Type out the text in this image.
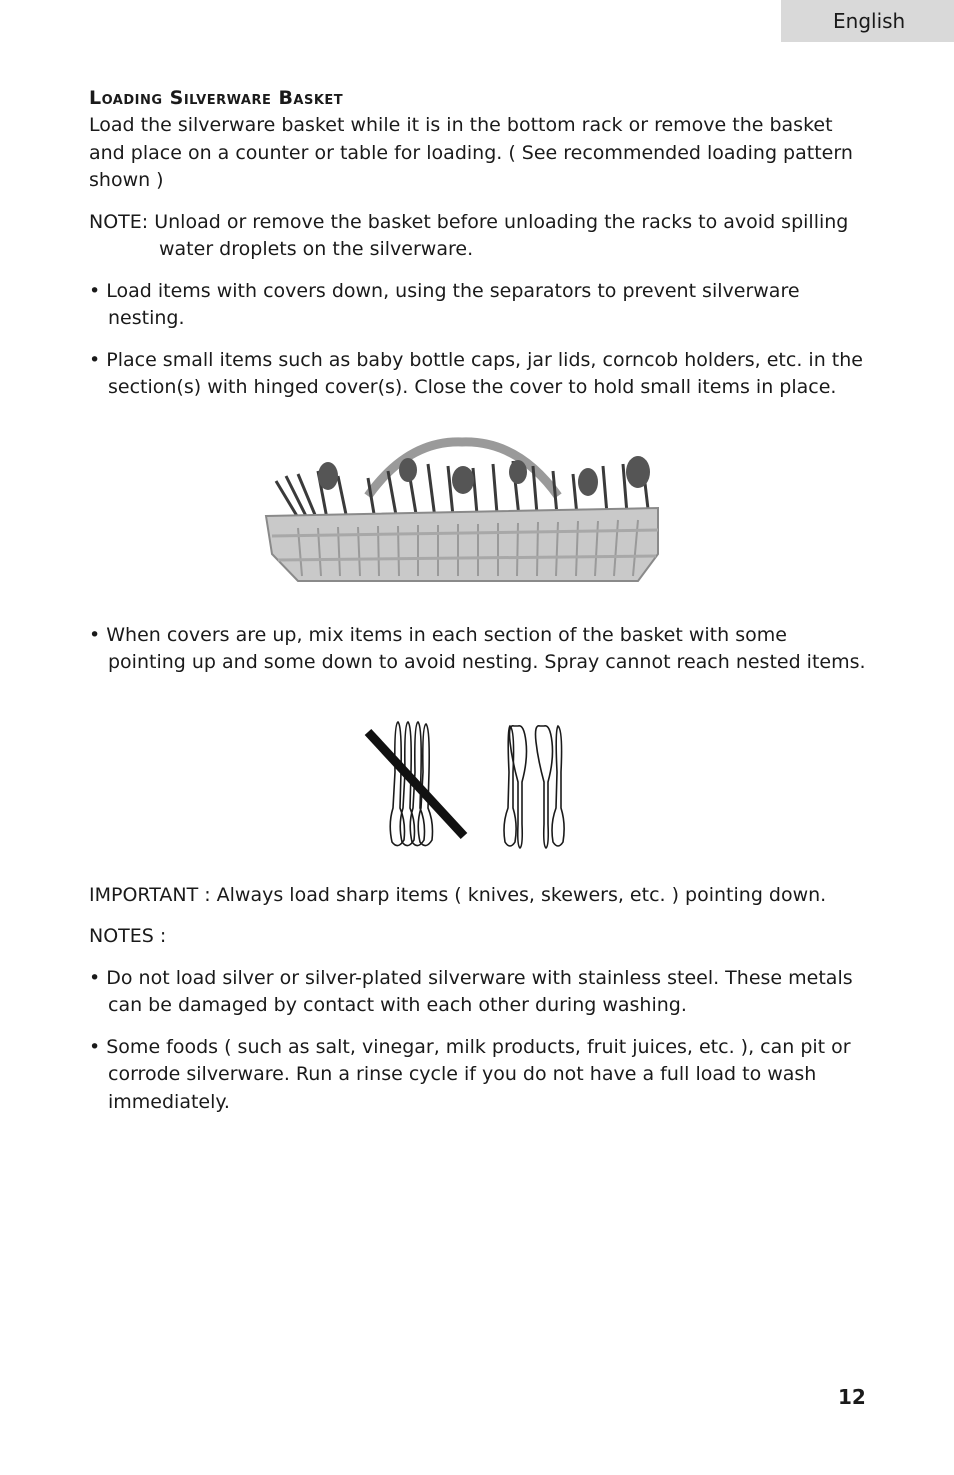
English
Loading Silverware Basket

Load the silverware basket while it is in the bottom rack or remove the basket and place on a counter or table for loading. ( See recommended loading pattern shown )

NOTE: Unload or remove the basket before unloading the racks to avoid spilling water droplets on the silverware.

• Load items with covers down, using the separators to prevent silverware nesting.

• Place small items such as baby bottle caps, jar lids, corncob holders, etc. in the section(s) with hinged cover(s). Close the cover to hold small items in place.

• When covers are up, mix items in each section of the basket with some pointing up and some down to avoid nesting. Spray cannot reach nested items.

IMPORTANT : Always load sharp items ( knives, skewers, etc. ) pointing down.

NOTES :

• Do not load silver or silver-plated silverware with stainless steel. These metals can be damaged by contact with each other during washing.

• Some foods ( such as salt, vinegar, milk products, fruit juices, etc. ), can pit or corrode silverware. Run a rinse cycle if you do not have a full load to wash immediately.

12
